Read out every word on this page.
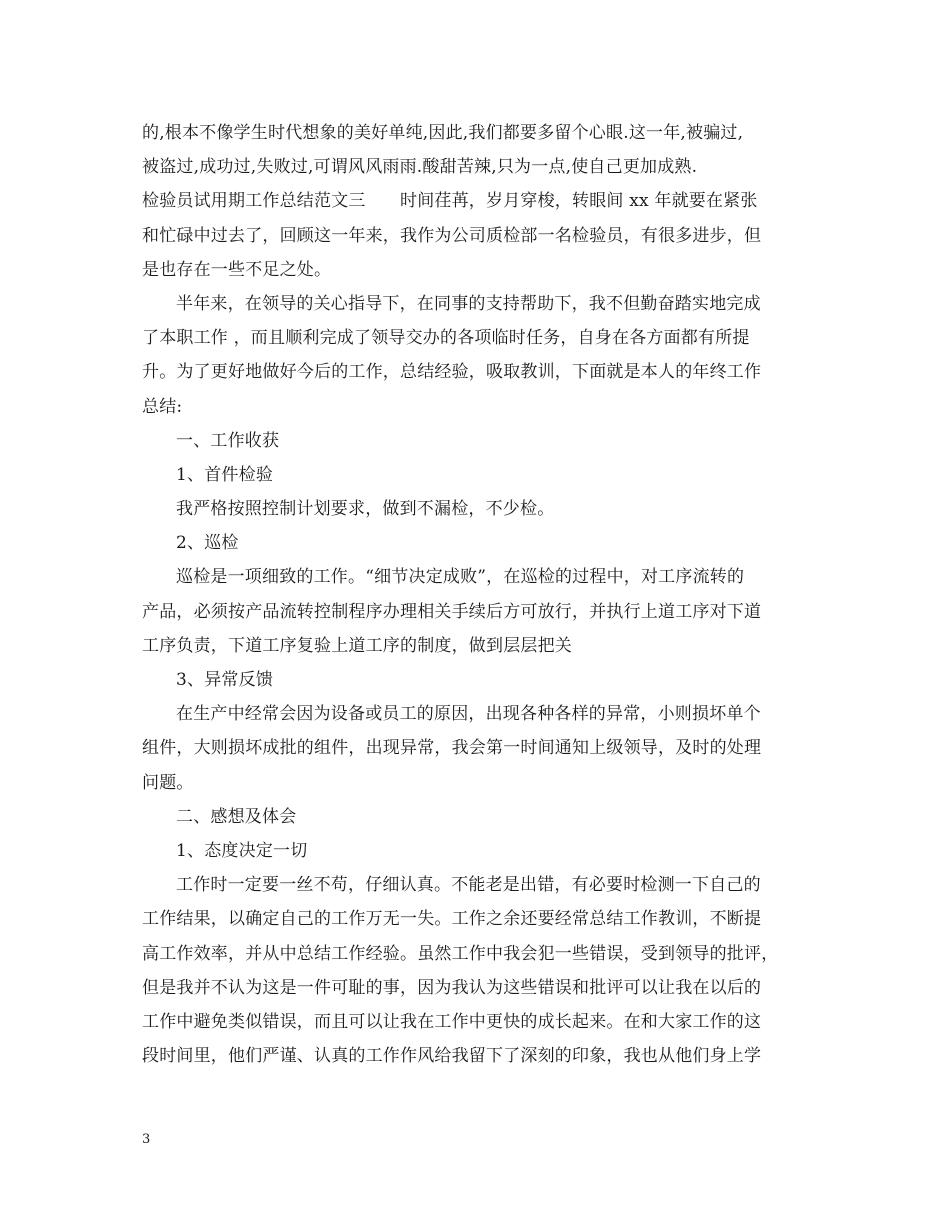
的,根本不像学生时代想象的美好单纯,因此,我们都要多留个心眼.这一年,被骗过,
被盗过,成功过,失败过,可谓风风雨雨.酸甜苦辣,只为一点,使自己更加成熟.
检验员试用期工作总结范文三　　时间荏苒，岁月穿梭，转眼间 xx 年就要在紧张
和忙碌中过去了，回顾这一年来，我作为公司质检部一名检验员，有很多进步，但
是也存在一些不足之处。
半年来，在领导的关心指导下，在同事的支持帮助下，我不但勤奋踏实地完成
了本职工作 ，而且顺利完成了领导交办的各项临时任务，自身在各方面都有所提
升。为了更好地做好今后的工作，总结经验，吸取教训，下面就是本人的年终工作
总结:
一、工作收获
1、首件检验
我严格按照控制计划要求，做到不漏检，不少检。
2、巡检
巡检是一项细致的工作。“细节决定成败”，在巡检的过程中，对工序流转的
产品，必须按产品流转控制程序办理相关手续后方可放行，并执行上道工序对下道
工序负责，下道工序复验上道工序的制度，做到层层把关
3、异常反馈
在生产中经常会因为设备或员工的原因，出现各种各样的异常，小则损坏单个
组件，大则损坏成批的组件，出现异常，我会第一时间通知上级领导，及时的处理
问题。
二、感想及体会
1、态度决定一切
工作时一定要一丝不苟，仔细认真。不能老是出错，有必要时检测一下自己的
工作结果，以确定自己的工作万无一失。工作之余还要经常总结工作教训，不断提
高工作效率，并从中总结工作经验。虽然工作中我会犯一些错误，受到领导的批评，
但是我并不认为这是一件可耻的事，因为我认为这些错误和批评可以让我在以后的
工作中避免类似错误，而且可以让我在工作中更快的成长起来。在和大家工作的这
段时间里，他们严谨、认真的工作作风给我留下了深刻的印象，我也从他们身上学
3
